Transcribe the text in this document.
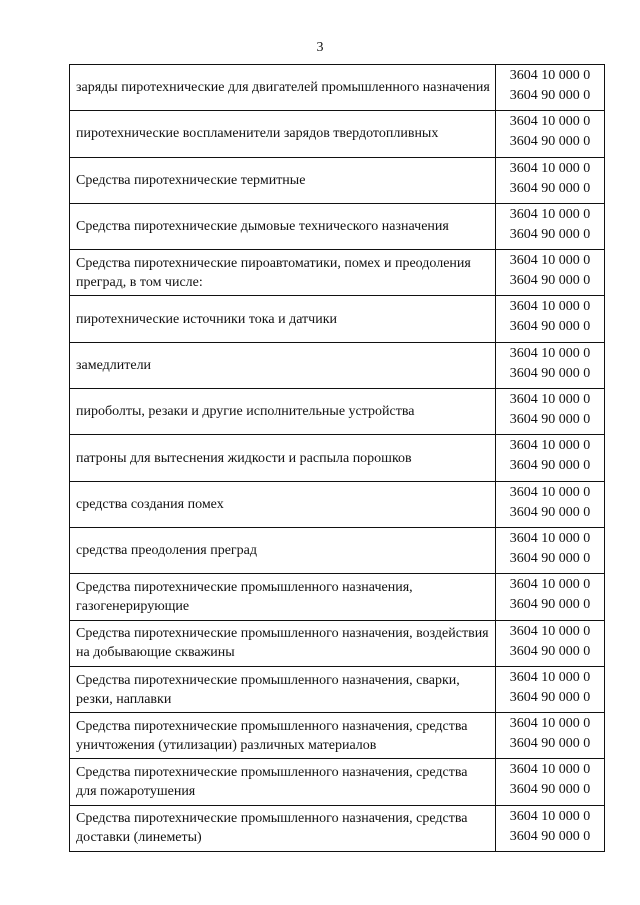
3
заряды пиротехнические для двигателей промышленного назначения	3604 10 000 0
3604 90 000 0

пиротехнические воспламенители зарядов твердотопливных	3604 10 000 0
3604 90 000 0

Средства пиротехнические термитные	3604 10 000 0
3604 90 000 0

Средства пиротехнические дымовые технического назначения	3604 10 000 0
3604 90 000 0

Средства пиротехнические пироавтоматики, помех и преодоления преград, в том числе:	3604 10 000 0
3604 90 000 0

пиротехнические источники тока и датчики	3604 10 000 0
3604 90 000 0

замедлители	3604 10 000 0
3604 90 000 0

пироболты, резаки и другие исполнительные устройства	3604 10 000 0
3604 90 000 0

патроны для вытеснения жидкости и распыла порошков	3604 10 000 0
3604 90 000 0

средства создания помех	3604 10 000 0
3604 90 000 0

средства преодоления преград	3604 10 000 0
3604 90 000 0

Средства пиротехнические промышленного назначения, газогенерирующие	3604 10 000 0
3604 90 000 0

Средства пиротехнические промышленного назначения, воздействия на добывающие скважины	3604 10 000 0
3604 90 000 0

Средства пиротехнические промышленного назначения, сварки, резки, наплавки	3604 10 000 0
3604 90 000 0

Средства пиротехнические промышленного назначения, средства уничтожения (утилизации) различных материалов	3604 10 000 0
3604 90 000 0

Средства пиротехнические промышленного назначения, средства для пожаротушения	3604 10 000 0
3604 90 000 0

Средства пиротехнические промышленного назначения, средства доставки (линеметы)	3604 10 000 0
3604 90 000 0
